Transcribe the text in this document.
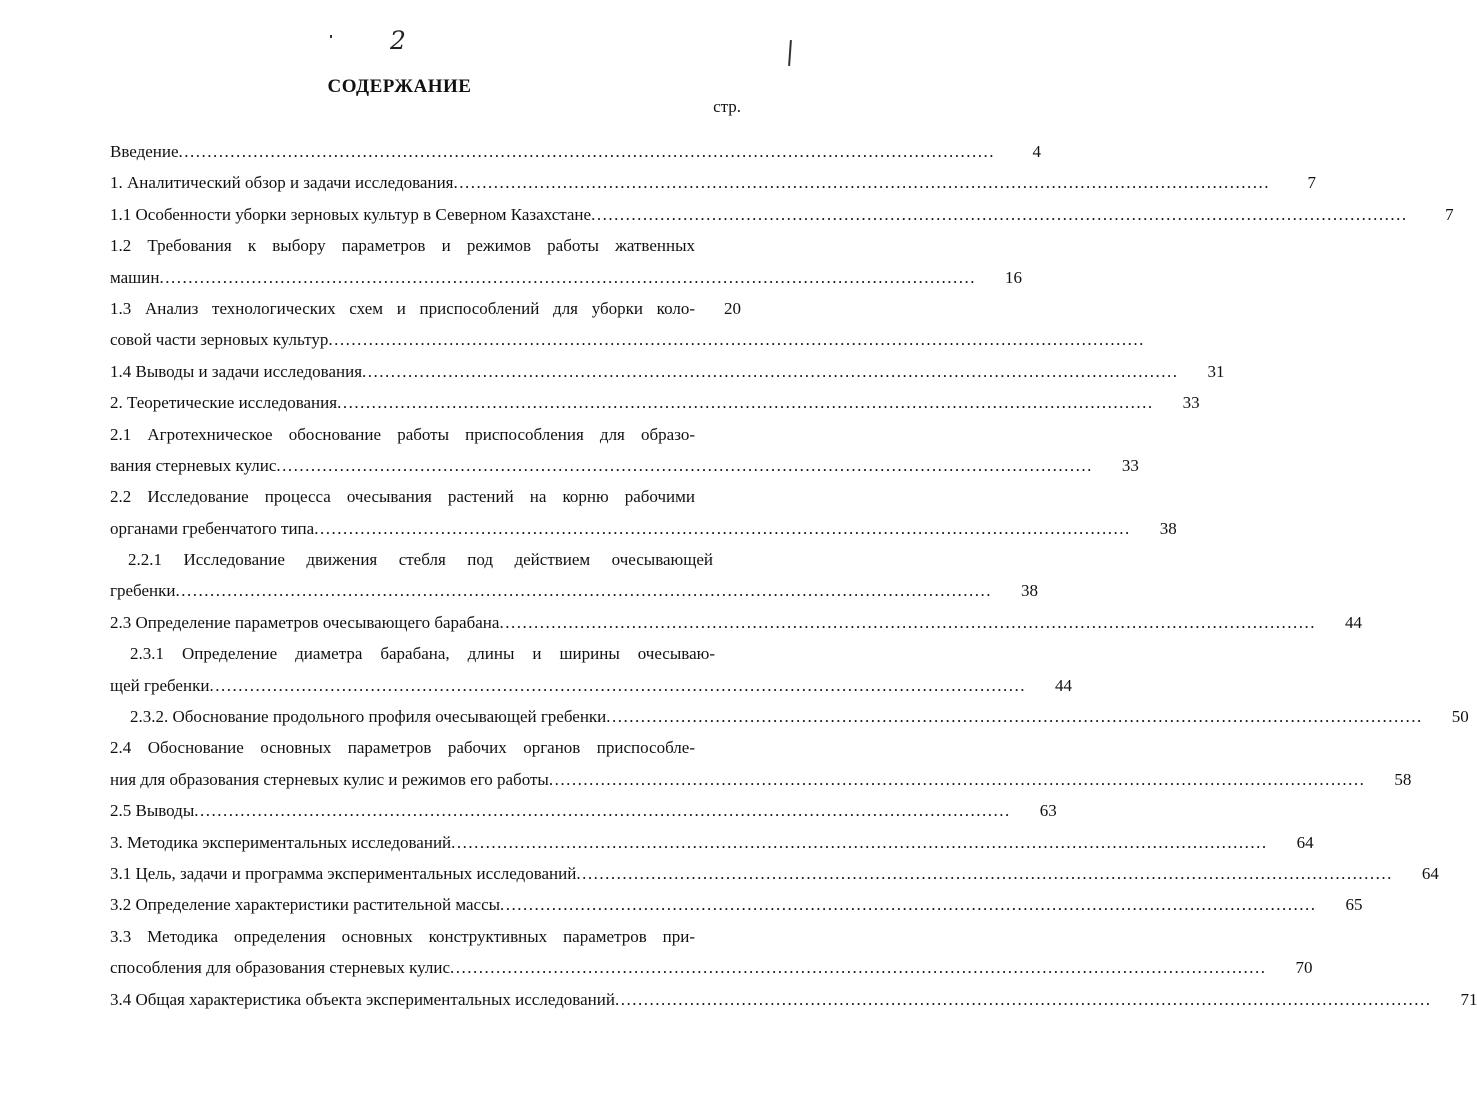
2
СОДЕРЖАНИЕ
стр.
Введение .....	4
1. Аналитический обзор и задачи исследования .....	7
1.1 Особенности уборки зерновых культур в Северном Казахстане .....	7
1.2 Требования к выбору параметров и режимов работы жатвенных
машин .....	16
1.3 Анализ технологических схем и приспособлений для уборки коло-	20
совой части зерновых культур
.....
1.4 Выводы и задачи исследования .....	31
2. Теоретические исследования .....	33
2.1 Агротехническое обоснование работы приспособления для образо-
вания стерневых кулис .....	33
2.2 Исследование процесса очесывания растений на корню рабочими
органами гребенчатого типа .....	38
2.2.1 Исследование движения стебля под действием очесывающей
гребенки .....	38
2.3 Определение параметров очесывающего барабана .....	44
2.3.1 Определение диаметра барабана, длины и ширины очесываю-
щей гребенки .....	44
2.3.2. Обоснование продольного профиля очесывающей гребенки .....	50
2.4 Обоснование основных параметров рабочих органов приспособле-
ния для образования стерневых кулис и режимов его работы .....	58
2.5 Выводы .....	63
3. Методика экспериментальных исследований .....	64
3.1 Цель, задачи и программа экспериментальных исследований .....	64
3.2 Определение характеристики растительной массы .....	65
3.3 Методика определения основных конструктивных параметров при-
способления для образования стерневых кулис .....	70
3.4 Общая характеристика объекта экспериментальных исследований .....	71
